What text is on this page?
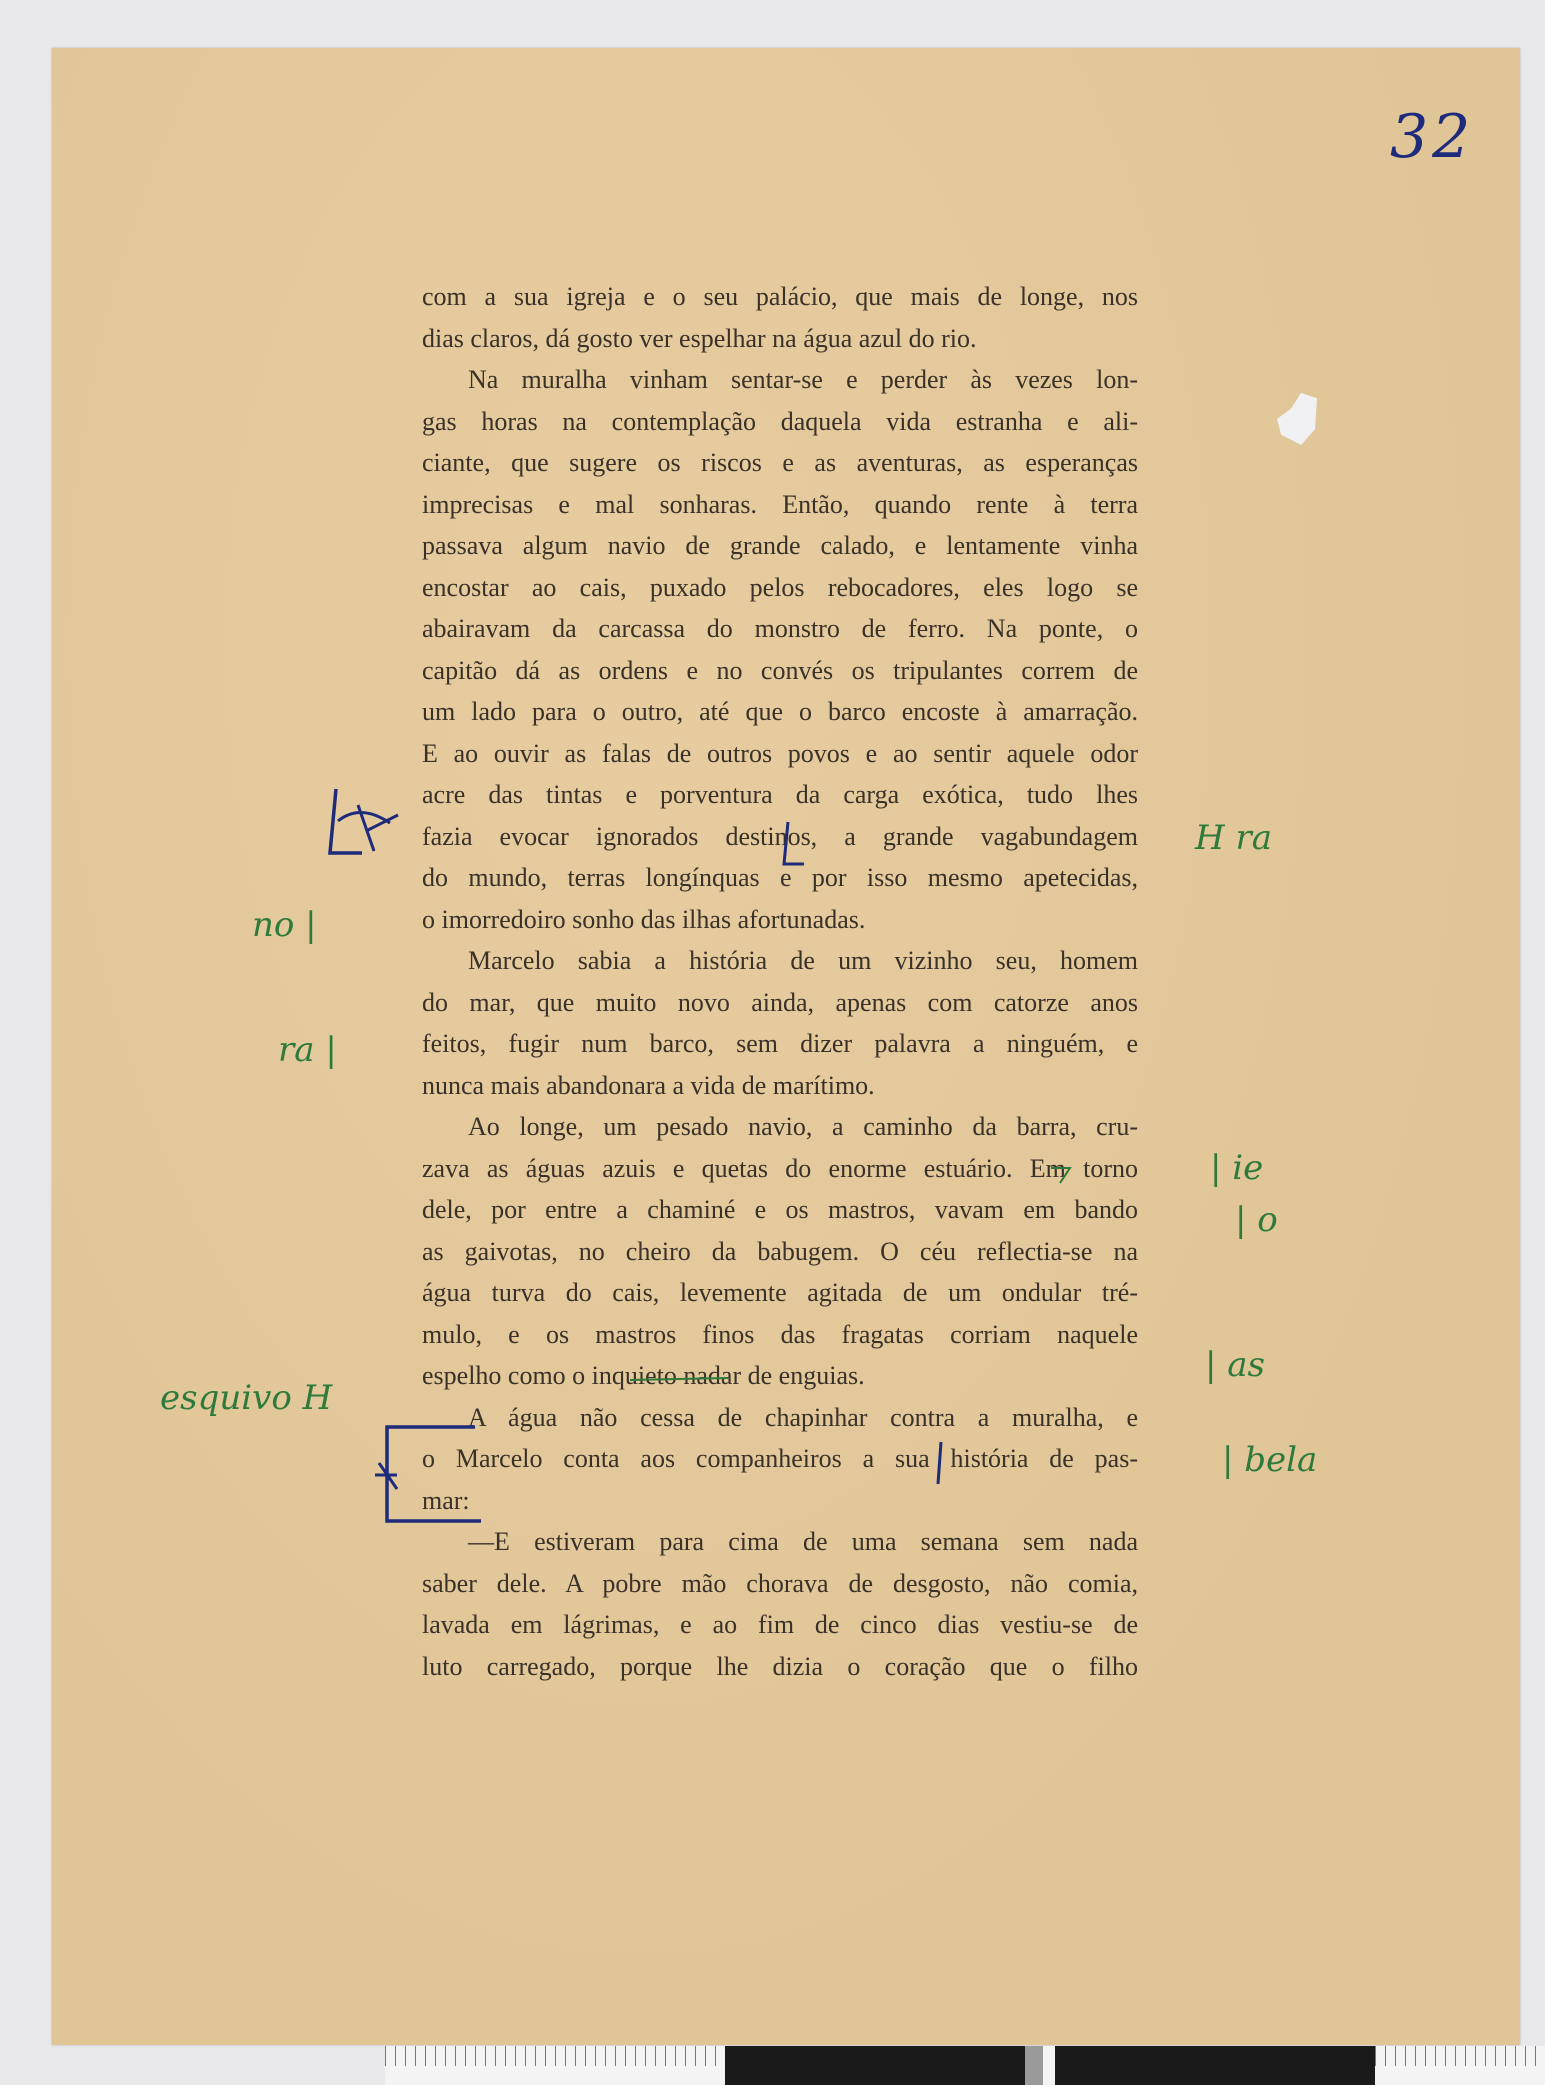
32
com a sua igreja e o seu palácio, que mais de longe, nos
dias claros, dá gosto ver espelhar na água azul do rio.
Na muralha vinham sentar-se e perder às vezes lon-
gas horas na contemplação daquela vida estranha e ali-
ciante, que sugere os riscos e as aventuras, as esperanças
imprecisas e mal sonharas. Então, quando rente à terra
passava algum navio de grande calado, e lentamente vinha
encostar ao cais, puxado pelos rebocadores, eles logo se
abairavam da carcassa do monstro de ferro. Na ponte, o
capitão dá as ordens e no convés os tripulantes correm de
um lado para o outro, até que o barco encoste à amarração.
E ao ouvir as falas de outros povos e ao sentir aquele odor
acre das tintas e porventura da carga exótica, tudo lhes
fazia evocar ignorados destinos, a grande vagabundagem
do mundo, terras longínquas e por isso mesmo apetecidas,
o imorredoiro sonho das ilhas afortunadas.
Marcelo sabia a história de um vizinho seu, homem
do mar, que muito novo ainda, apenas com catorze anos
feitos, fugir num barco, sem dizer palavra a ninguém, e
nunca mais abandonara a vida de marítimo.
Ao longe, um pesado navio, a caminho da barra, cru-
zava as águas azuis e quetas do enorme estuário. Em torno
dele, por entre a chaminé e os mastros, vavam em bando
as gaivotas, no cheiro da babugem. O céu reflectia-se na
água turva do cais, levemente agitada de um ondular tré-
mulo, e os mastros finos das fragatas corriam naquele
espelho como o inquieto nadar de enguias.
A água não cessa de chapinhar contra a muralha, e
o Marcelo conta aos companheiros a sua história de pas-
mar:
—E estiveram para cima de uma semana sem nada
saber dele. A pobre mão chorava de desgosto, não comia,
lavada em lágrimas, e ao fim de cinco dias vestiu-se de
luto carregado, porque lhe dizia o coração que o filho
no |
ra |
esquivo H
H ra
| ie
| o
| as
| bela
